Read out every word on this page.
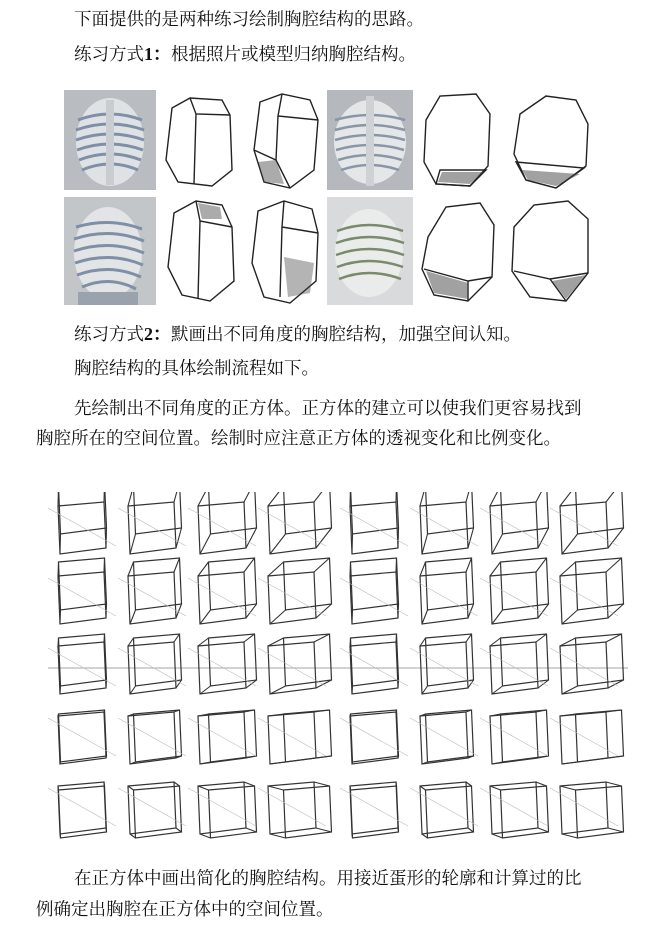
下面提供的是两种练习绘制胸腔结构的思路。
练习方式1：根据照片或模型归纳胸腔结构。
练习方式2：默画出不同角度的胸腔结构，加强空间认知。
胸腔结构的具体绘制流程如下。
先绘制出不同角度的正方体。正方体的建立可以使我们更容易找到
胸腔所在的空间位置。绘制时应注意正方体的透视变化和比例变化。
在正方体中画出简化的胸腔结构。用接近蛋形的轮廓和计算过的比
例确定出胸腔在正方体中的空间位置。
